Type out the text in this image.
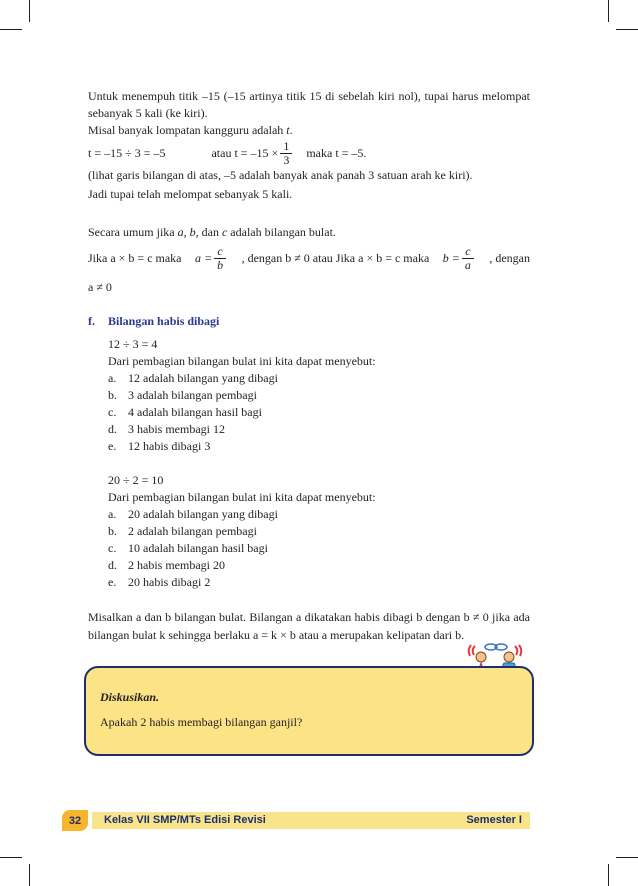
Untuk menempuh titik –15 (–15 artinya titik 15 di sebelah kiri nol), tupai harus melompat sebanyak 5 kali (ke kiri).

Misal banyak lompatan kangguru adalah t.

t = –15 ÷ 3 = –5	atau $t = -15 \times \frac{1}{3}$ maka t = –5.

(lihat garis bilangan di atas, –5 adalah banyak anak panah 3 satuan arah ke kiri).

Jadi tupai telah melompat sebanyak 5 kali.

Secara umum jika a, b, dan c adalah bilangan bulat.

Jika a × b = c maka $a = \frac{c}{b}$ , dengan b ≠ 0 atau Jika a × b = c maka $b = \frac{c}{a}$ , dengan

a ≠ 0

f.	Bilangan habis dibagi

12 ÷ 3 = 4

Dari pembagian bilangan bulat ini kita dapat menyebut:

a. 12 adalah bilangan yang dibagi
b. 3 adalah bilangan pembagi
c. 4 adalah bilangan hasil bagi
d. 3 habis membagi 12
e. 12 habis dibagi 3

20 ÷ 2 = 10

Dari pembagian bilangan bulat ini kita dapat menyebut:

a. 20 adalah bilangan yang dibagi
b. 2 adalah bilangan pembagi
c. 10 adalah bilangan hasil bagi
d. 2 habis membagi 20
e. 20 habis dibagi 2

Misalkan a dan b bilangan bulat. Bilangan a dikatakan habis dibagi b dengan b ≠ 0 jika ada bilangan bulat k sehingga berlaku a = k × b atau a merupakan kelipatan dari b.

Diskusikan.
Apakah 2 habis membagi bilangan ganjil?
32	Kelas VII SMP/MTs Edisi Revisi	Semester I
